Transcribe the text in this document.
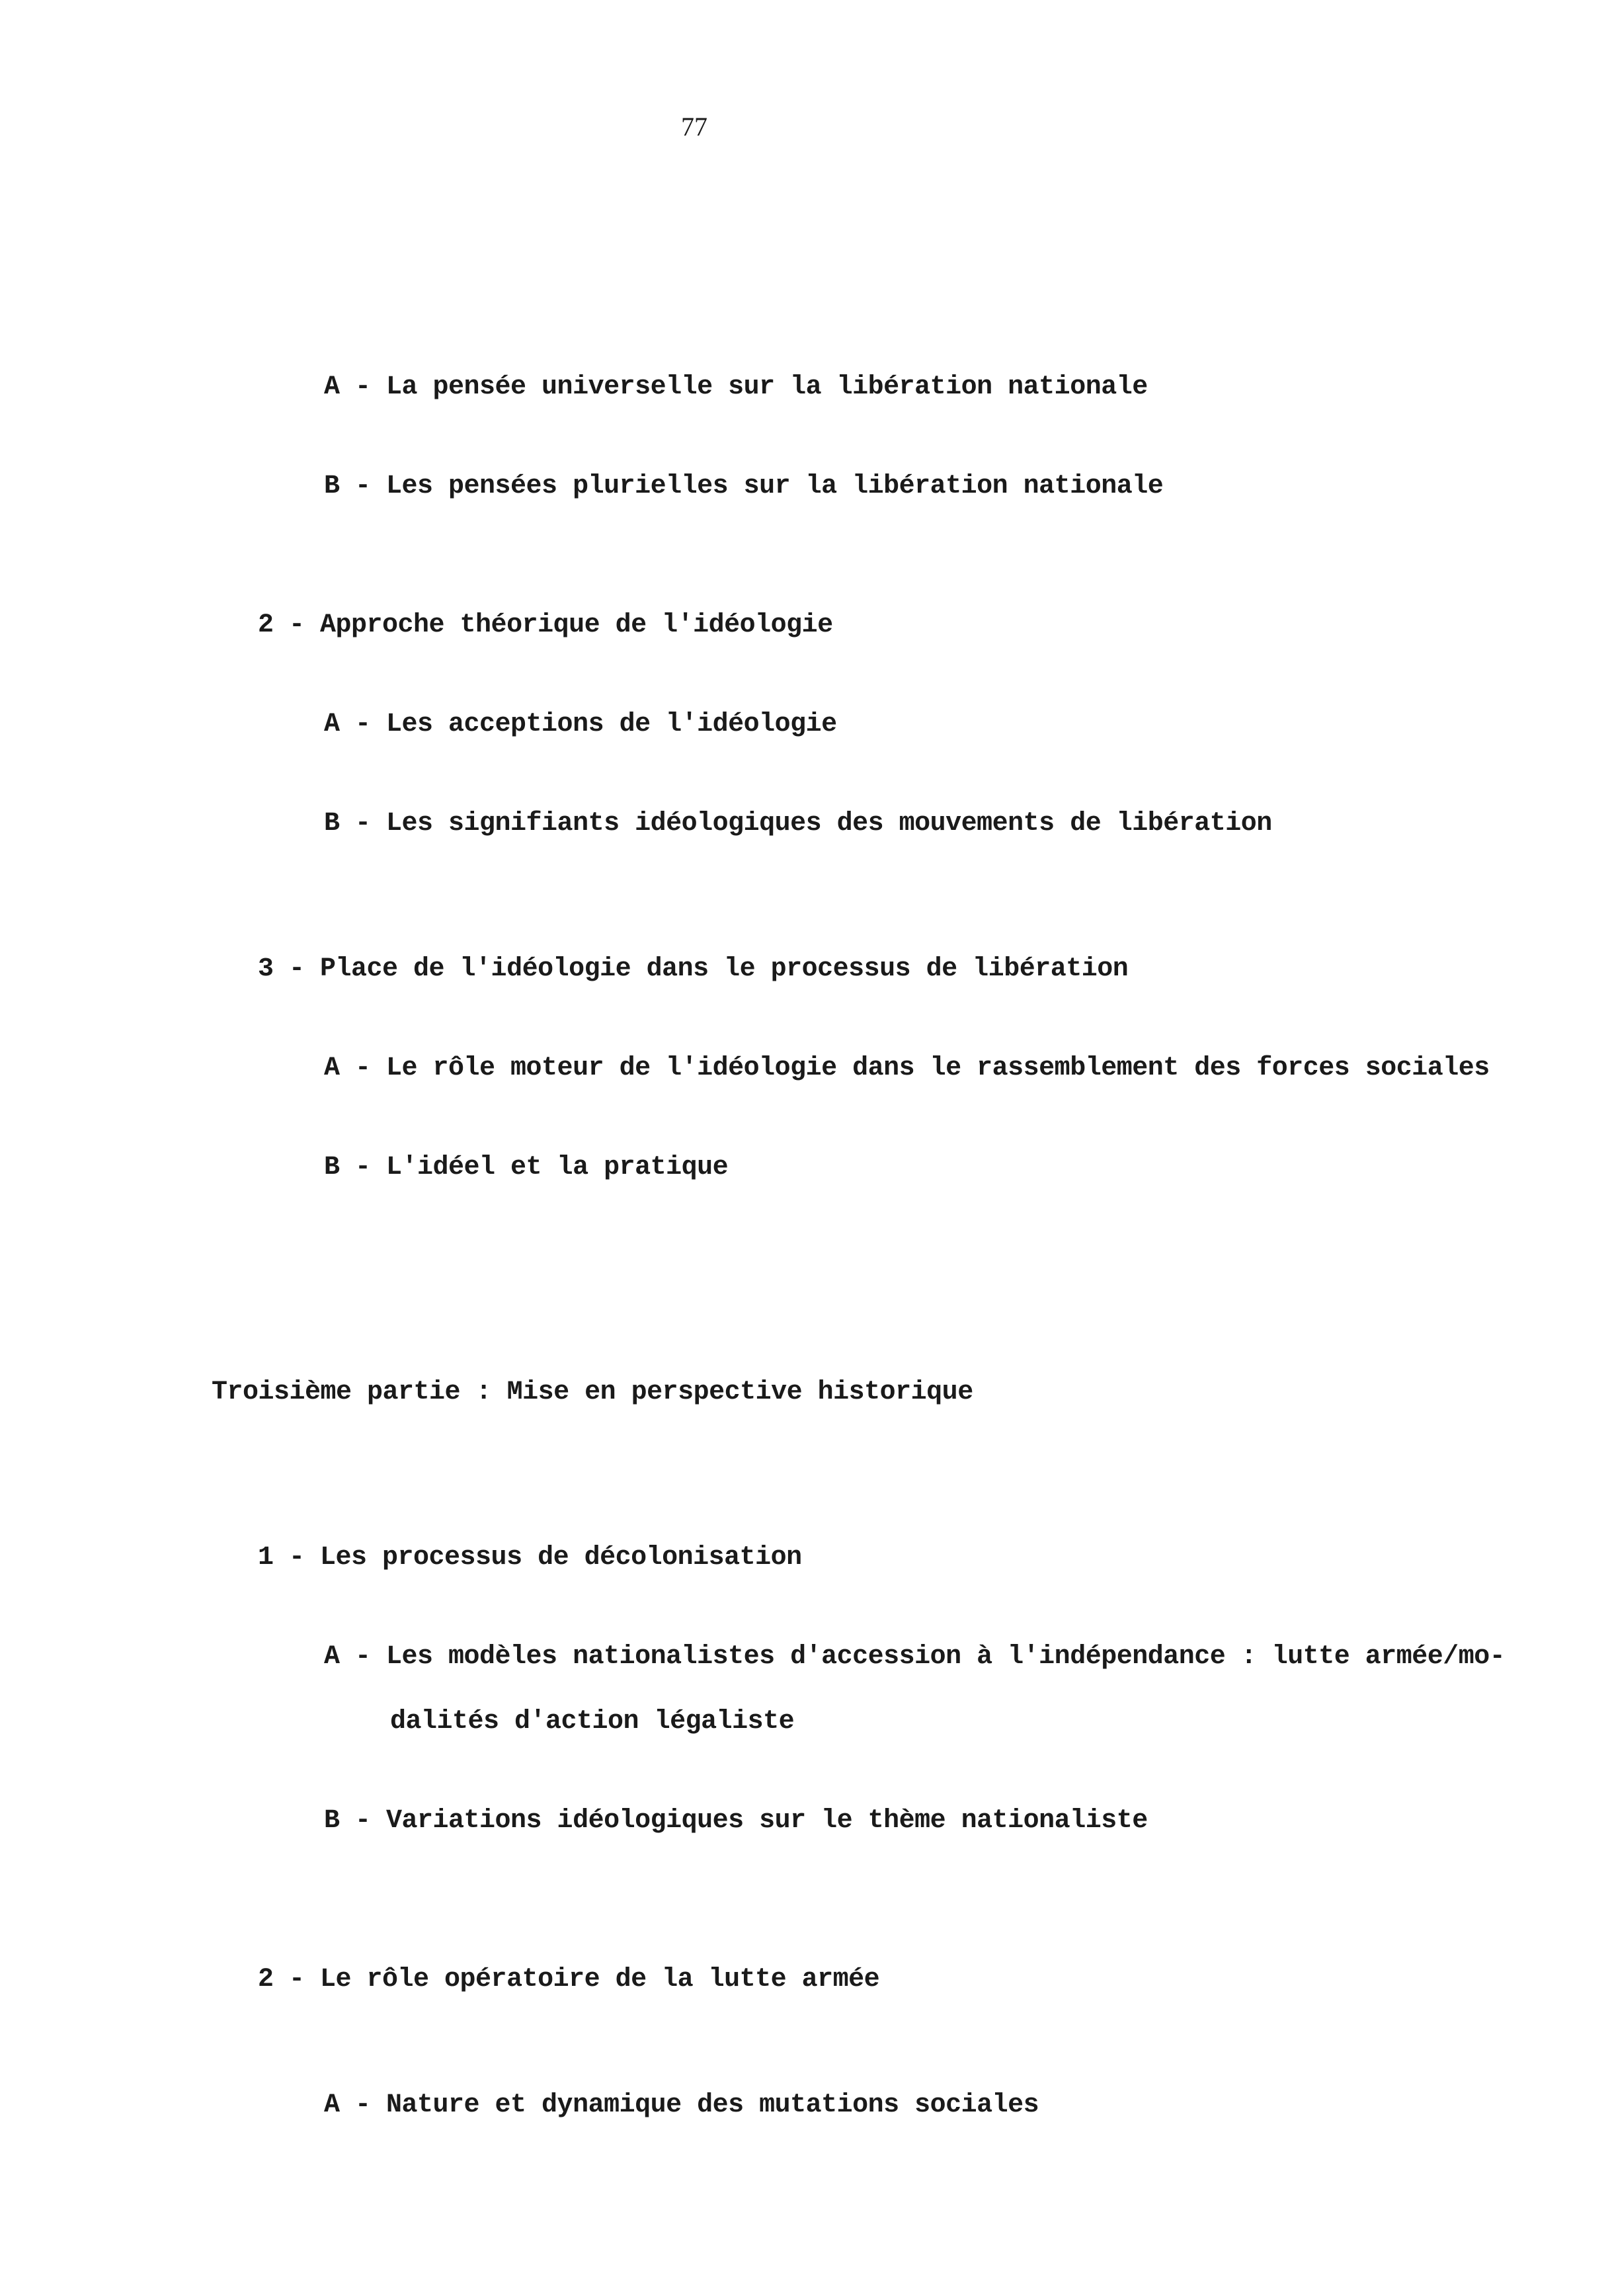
77
A - La pensée universelle sur la libération nationale
B - Les pensées plurielles sur la libération nationale
2 - Approche théorique de l'idéologie
A - Les acceptions de l'idéologie
B - Les signifiants idéologiques des mouvements de libération
3 - Place de l'idéologie dans le processus de libération
A - Le rôle moteur de l'idéologie dans le rassemblement des forces sociales
B - L'idéel et la pratique
Troisième partie : Mise en perspective historique
1 - Les processus de décolonisation
A - Les modèles nationalistes d'accession à l'indépendance : lutte armée/mo-
dalités d'action légaliste
B - Variations idéologiques sur le thème nationaliste
2 - Le rôle opératoire de la lutte armée
A - Nature et dynamique des mutations sociales
